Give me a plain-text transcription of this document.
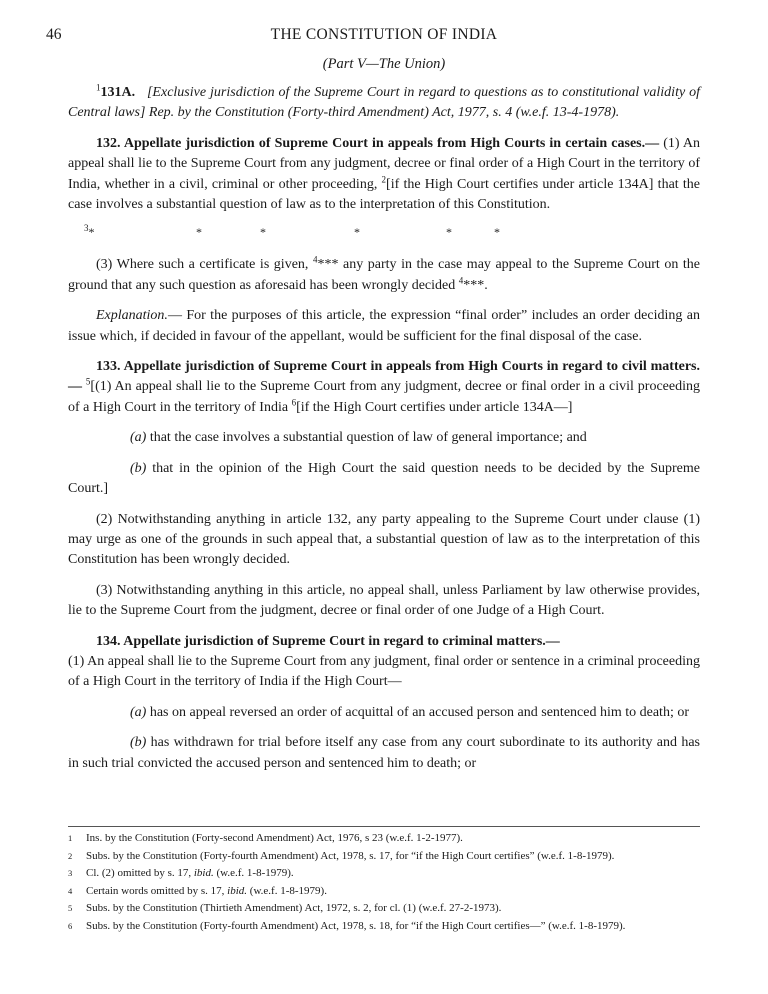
46	THE CONSTITUTION OF INDIA
(Part V—The Union)

$^1$131A. [Exclusive jurisdiction of the Supreme Court in regard to questions as to constitutional validity of Central laws] Rep. by the Constitution (Forty-third Amendment) Act, 1977, s. 4 (w.e.f. 13-4-1978).

132. Appellate jurisdiction of Supreme Court in appeals from High Courts in certain cases.— (1) An appeal shall lie to the Supreme Court from any judgment, decree or final order of a High Court in the territory of India, whether in a civil, criminal or other proceeding, $^2$[if the High Court certifies under article 134A] that the case involves a substantial question of law as to the interpretation of this Constitution.

$^3$ *	*	*	*	*	*

(3) Where such a certificate is given, $^4$*** any party in the case may appeal to the Supreme Court on the ground that any such question as aforesaid has been wrongly decided $^4$***.

Explanation.— For the purposes of this article, the expression “final order” includes an order deciding an issue which, if decided in favour of the appellant, would be sufficient for the final disposal of the case.

133. Appellate jurisdiction of Supreme Court in appeals from High Courts in regard to civil matters.— $^5$[(1) An appeal shall lie to the Supreme Court from any judgment, decree or final order in a civil proceeding of a High Court in the territory of India $^6$[if the High Court certifies under article 134A—]

(a) that the case involves a substantial question of law of general importance; and

(b) that in the opinion of the High Court the said question needs to be decided by the Supreme Court.]

(2) Notwithstanding anything in article 132, any party appealing to the Supreme Court under clause (1) may urge as one of the grounds in such appeal that, a substantial question of law as to the interpretation of this Constitution has been wrongly decided.

(3) Notwithstanding anything in this article, no appeal shall, unless Parliament by law otherwise provides, lie to the Supreme Court from the judgment, decree or final order of one Judge of a High Court.

134. Appellate jurisdiction of Supreme Court in regard to criminal matters.—

(1) An appeal shall lie to the Supreme Court from any judgment, final order or sentence in a criminal proceeding of a High Court in the territory of India if the High Court—

(a) has on appeal reversed an order of acquittal of an accused person and sentenced him to death; or

(b) has withdrawn for trial before itself any case from any court subordinate to its authority and has in such trial convicted the accused person and sentenced him to death; or

1 Ins. by the Constitution (Forty-second Amendment) Act, 1976, s 23 (w.e.f. 1-2-1977).
2 Subs. by the Constitution (Forty-fourth Amendment) Act, 1978, s. 17, for “if the High Court certifies” (w.e.f. 1-8-1979).
3 Cl. (2) omitted by s. 17, ibid. (w.e.f. 1-8-1979).
4 Certain words omitted by s. 17, ibid. (w.e.f. 1-8-1979).
5 Subs. by the Constitution (Thirtieth Amendment) Act, 1972, s. 2, for cl. (1) (w.e.f. 27-2-1973).
6 Subs. by the Constitution (Forty-fourth Amendment) Act, 1978, s. 18, for “if the High Court certifies—” (w.e.f. 1-8-1979).
